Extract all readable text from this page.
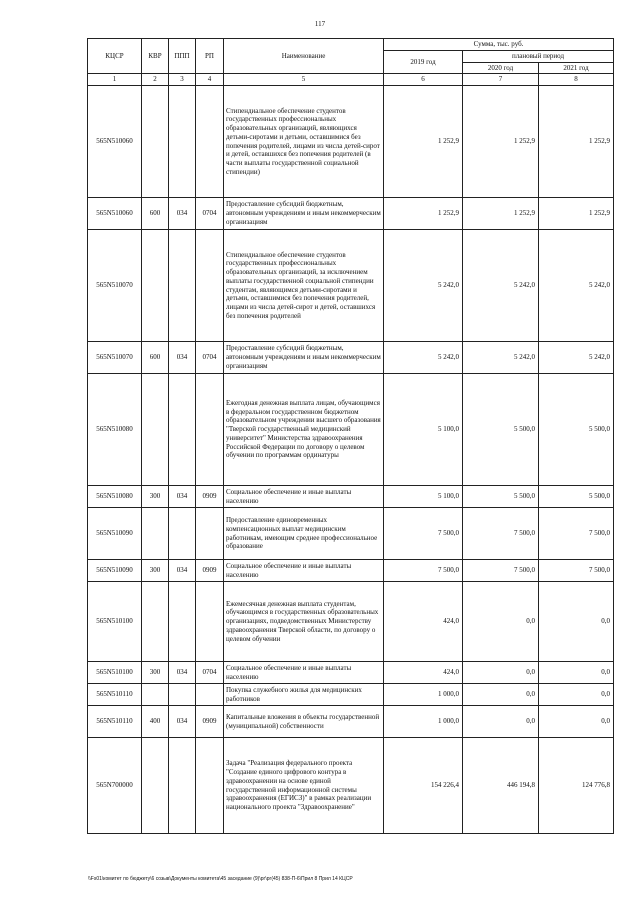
117
КЦСР	КВР	ППП	РП	Наименование	Сумма, тыс. руб.		
					2019 год	плановый период	
						2020 год	2021 год
1	2	3	4	5	6	7	8
565N510060				Стипендиальное обеспечение студентов государственных профессиональных образовательных организаций, являющихся детьми-сиротами и детьми, оставшимися без попечения родителей, лицами из числа детей-сирот и детей, оставшихся без попечения родителей (в части выплаты государственной социальной стипендии)	1 252,9	1 252,9	1 252,9
565N510060	600	034	0704	Предоставление субсидий бюджетным, автономным учреждениям и иным некоммерческим организациям	1 252,9	1 252,9	1 252,9
565N510070				Стипендиальное обеспечение студентов государственных профессиональных образовательных организаций, за исключением выплаты государственной социальной стипендии студентам, являющимся детьми-сиротами и детьми, оставшимися без попечения родителей, лицами из числа детей-сирот и детей, оставшихся без попечения родителей	5 242,0	5 242,0	5 242,0
565N510070	600	034	0704	Предоставление субсидий бюджетным, автономным учреждениям и иным некоммерческим организациям	5 242,0	5 242,0	5 242,0
565N510080				Ежегодная денежная выплата лицам, обучающимся в федеральном государственном бюджетном образовательном учреждении высшего образования "Тверской государственный медицинский университет" Министерства здравоохранения Российской Федерации по договору о целевом обучении по программам ординатуры	5 100,0	5 500,0	5 500,0
565N510080	300	034	0909	Социальное обеспечение и иные выплаты населению	5 100,0	5 500,0	5 500,0
565N510090				Предоставление единовременных компенсационных выплат медицинским работникам, имеющим среднее профессиональное образование	7 500,0	7 500,0	7 500,0
565N510090	300	034	0909	Социальное обеспечение и иные выплаты населению	7 500,0	7 500,0	7 500,0
565N510100				Ежемесячная денежная выплата студентам, обучающимся в государственных образовательных организациях, подведомственных Министерству здравоохранения Тверской области, по договору о целевом обучении	424,0	0,0	0,0
565N510100	300	034	0704	Социальное обеспечение и иные выплаты населению	424,0	0,0	0,0
565N510110				Покупка служебного жилья для медицинских работников	1 000,0	0,0	0,0
565N510110	400	034	0909	Капитальные вложения в объекты государственной (муниципальной) собственности	1 000,0	0,0	0,0
565N700000				Задача "Реализация федерального проекта "Создание единого цифрового контура в здравоохранении на основе единой государственной информационной системы здравоохранения (ЕГИСЗ)" в рамках реализации национального проекта "Здравоохранение"	154 226,4	446 194,8	124 776,8
\\Fs01\комитет по бюджету\6 созыв\Документы комитета\45 заседание (9)\рг\рг(45) 838-П-6\Прил 8 Прил 14 КЦСР
